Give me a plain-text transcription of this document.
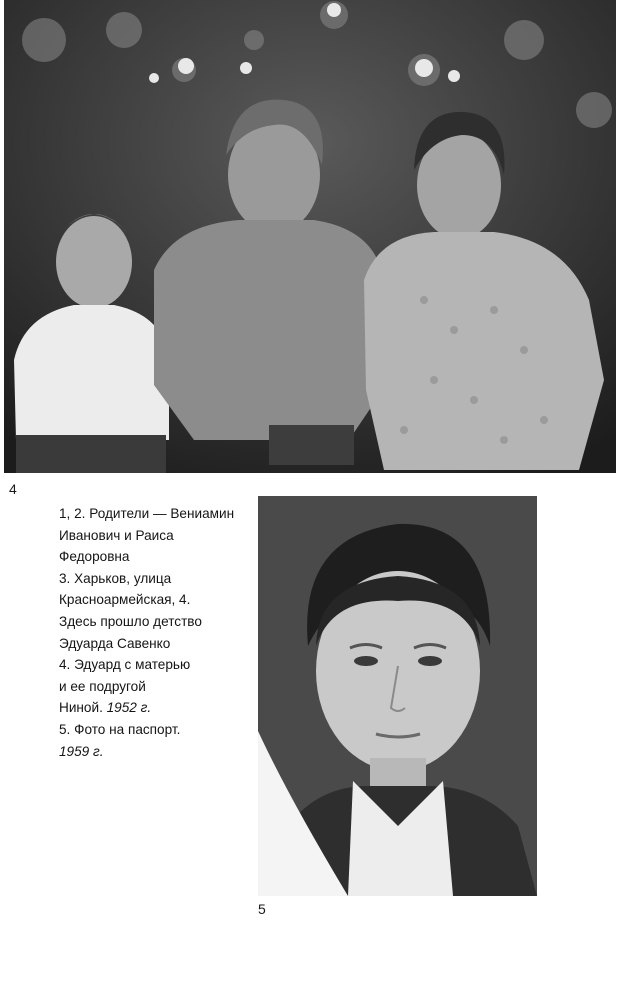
4
1, 2. Родители — Вениамин
Иванович и Раиса
Федоровна
3. Харьков, улица
Красноармейская, 4.
Здесь прошло детство
Эдуарда Савенко
4. Эдуард с матерью
и ее подругой
Ниной. 1952 г.
5. Фото на паспорт.
1959 г.
5
